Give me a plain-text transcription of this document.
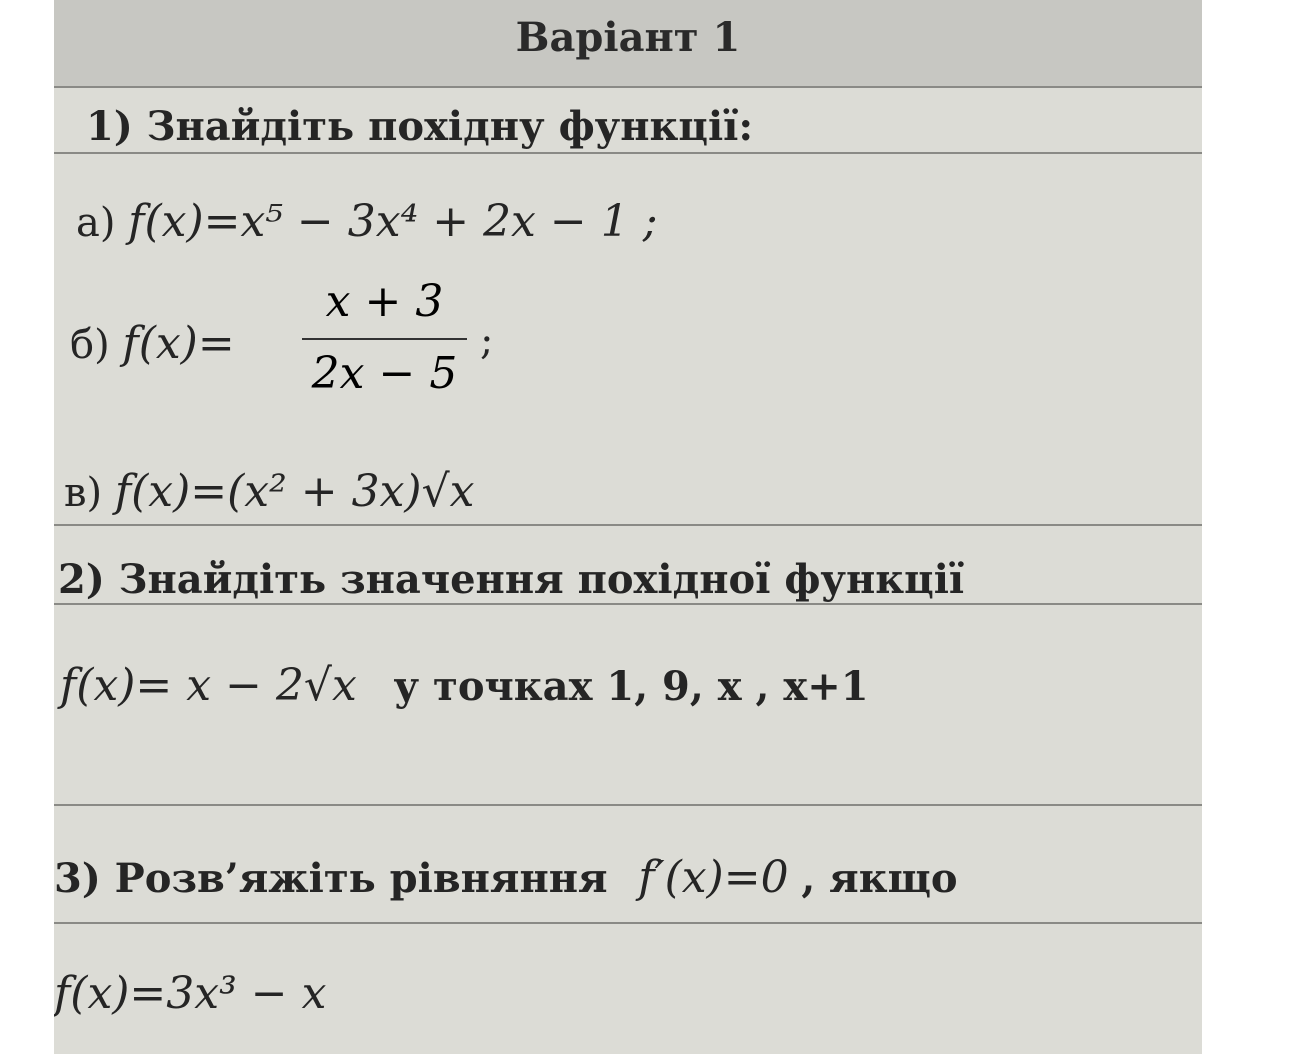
Варіант 1
1) Знайдіть похідну функції:
а) f(x)=x⁵ − 3x⁴ + 2x − 1 ;
б) f(x)=
x + 3
2x − 5
;
в) f(x)=(x² + 3x)√x
2) Знайдіть значення похідної функції
f(x)= x − 2√x у точках 1, 9, x , x+1
3) Розв’яжіть рівняння f′(x)=0 , якщо
f(x)=3x³ − x
